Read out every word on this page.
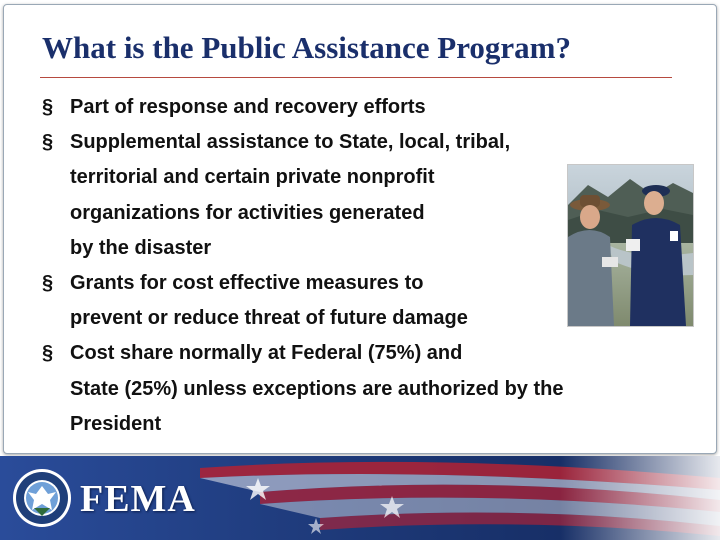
What is the Public Assistance Program?
§ Part of response and recovery efforts
§ Supplemental assistance to State, local, tribal,
territorial and certain private nonprofit
organizations for activities generated
by the disaster
§ Grants for cost effective measures to
prevent or reduce threat of future damage
§ Cost share normally at Federal (75%) and
State (25%) unless exceptions are authorized by the
President
FEMA
